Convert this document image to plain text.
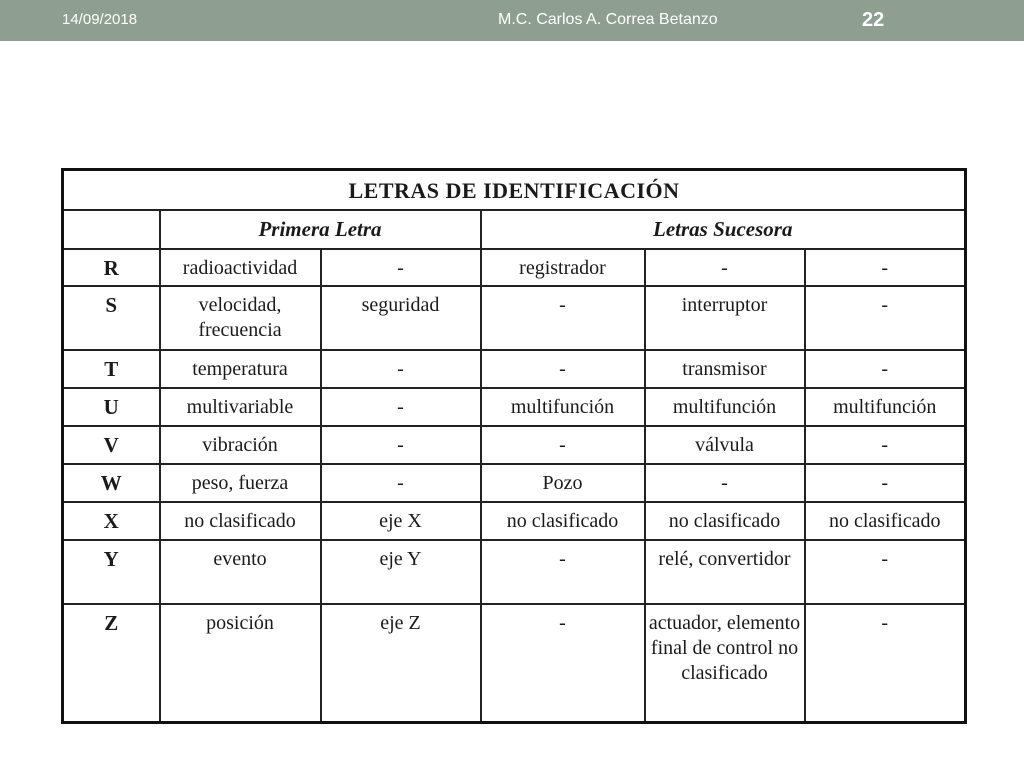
14/09/2018	M.C. Carlos A. Correa Betanzo	22
LETRAS DE IDENTIFICACIÓN					
	Primera Letra		Letras Sucesora		
R	radioactividad	-	registrador	-	-
S	velocidad, frecuencia	seguridad	-	interruptor	-
T	temperatura	-	-	transmisor	-
U	multivariable	-	multifunción	multifunción	multifunción
V	vibración	-	-	válvula	-
W	peso, fuerza	-	Pozo	-	-
X	no clasificado	eje X	no clasificado	no clasificado	no clasificado
Y	evento	eje Y	-	relé, convertidor	-
Z	posición	eje Z	-	actuador, elemento final de control no clasificado	-
